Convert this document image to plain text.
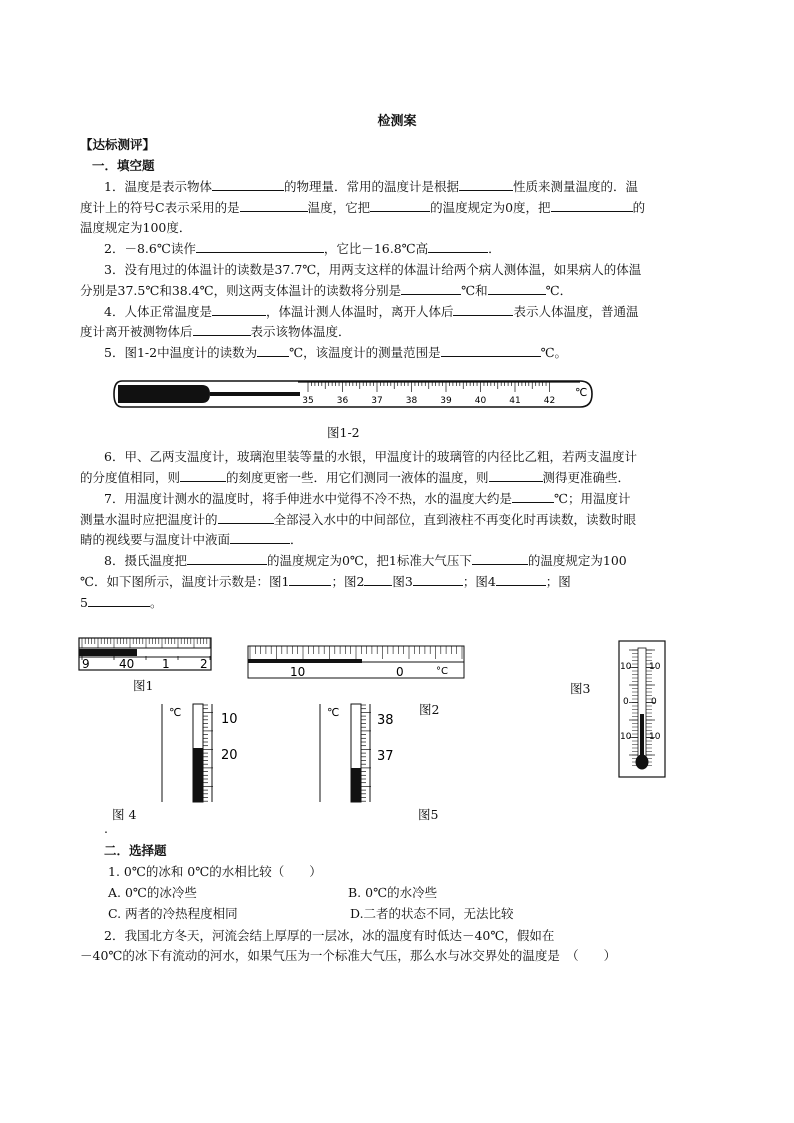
检测案
【达标测评】
一．填空题
1．温度是表示物体	的物理量．常用的温度计是根据	性质来测量温度的．温
度计上的符号C表示采用的是	温度，它把	的温度规定为0度，把	的
温度规定为100度．
2．－8.6℃读作	，它比－16.8℃高	．
3．没有甩过的体温计的读数是37.7℃，用两支这样的体温计给两个病人测体温，如果病人的体温
分别是37.5℃和38.4℃，则这两支体温计的读数将分别是	℃和	℃．
4．人体正常温度是	，体温计测人体温时，离开人体后	表示人体温度，普通温
度计离开被测物体后	表示该物体温度．
5．图1-2中温度计的读数为	℃，该温度计的测量范围是	℃。
35	36	37	38	39	40	41	42
℃
图1-2
6．甲、乙两支温度计，玻璃泡里装等量的水银，甲温度计的玻璃管的内径比乙粗，若两支温度计
的分度值相同，则	的刻度更密一些．用它们测同一液体的温度，则	测得更准确些．
7．用温度计测水的温度时，将手伸进水中觉得不冷不热，水的温度大约是	℃；用温度计
测量水温时应把温度计的	全部浸入水中的中间部位，直到液柱不再变化时再读数，读数时眼
睛的视线要与温度计中液面	．
8．摄氏温度把	的温度规定为0℃，把1标准大气压下	的温度规定为100
℃．如下图所示，温度计示数是：图1	；图2 图3	；图4	；图
5	。
9 40 1	2
图1
10	0	°C
图2
10 10
0 0
10 10
图3
℃	10
20
图 4
℃
38
37
图5
.
二．选择题
1. 0℃的冰和 0℃的水相比较（　　）
A. 0℃的冰冷些	B. 0℃的水冷些
C. 两者的冷热程度相同	D.二者的状态不同，无法比较
2．我国北方冬天，河流会结上厚厚的一层冰，冰的温度有时低达－40℃，假如在
－40℃的冰下有流动的河水，如果气压为一个标准大气压，那么水与冰交界处的温度是　（　　）
